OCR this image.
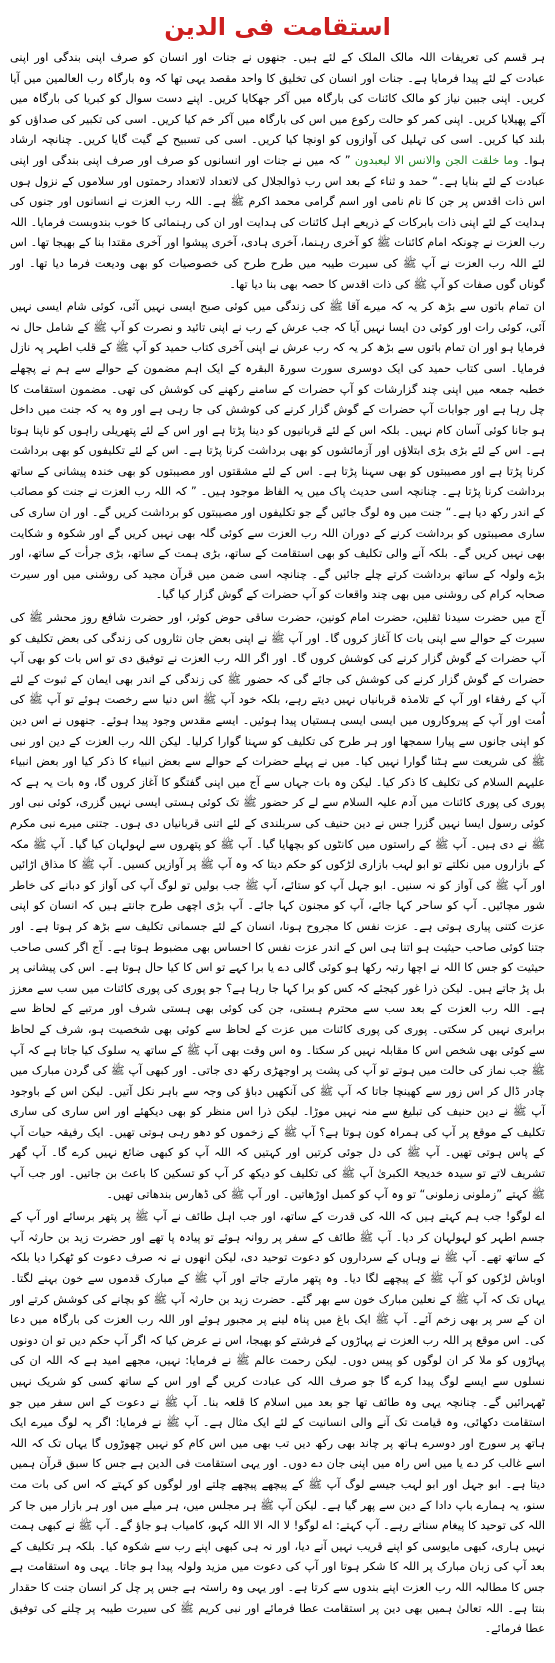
استقامت فی الدین

ہر قسم کی تعریفات اللہ مالک الملک کے لئے ہیں۔ جنھوں نے جنات اور انسان کو صرف اپنی بندگی اور اپنی عبادت کے لئے پیدا فرمایا ہے۔ جنات اور انسان کی تخلیق کا واحد مقصد یہی تھا کہ وہ بارگاہ رب العالمین میں آیا کریں۔ اپنی جبین نیاز کو مالک کائنات کی بارگاہ میں آکر جھکایا کریں۔ اپنے دست سوال کو کبریا کی بارگاہ میں آکے پھیلایا کریں۔ اپنی کمر کو حالت رکوع میں اس کی بارگاہ میں آکر خم کیا کریں۔ اسی کی تکبیر کی صداؤں کو بلند کیا کریں۔ اسی کی تہلیل کی آوازوں کو اونچا کیا کریں۔ اسی کی تسبیح کے گیت گایا کریں۔ چنانچہ ارشاد ہوا۔ وما خلقت الجن والانس الا لیعبدون ” کہ میں نے جنات اور انسانوں کو صرف اور صرف اپنی بندگی اور اپنی عبادت کے لئے بنایا ہے۔“ حمد و ثناء کے بعد اس رب ذوالجلال کی لاتعداد لاتعداد رحمتوں اور سلاموں کے نزول ہوں اس ذات اقدس پر جن کا نام نامی اور اسم گرامی محمد اکرم ﷺ ہے۔ اللہ رب العزت نے انسانوں اور جنوں کی ہدایت کے لئے اپنی ذات بابرکات کے ذریعے اہل کائنات کی ہدایت اور ان کی رہنمائی کا خوب بندوبست فرمایا۔ اللہ رب العزت نے چونکہ امام کائنات ﷺ کو آخری رہنما، آخری ہادی، آخری پیشوا اور آخری مقتدا بنا کے بھیجا تھا۔ اس لئے اللہ رب العزت نے آپ ﷺ کی سیرت طیبہ میں طرح طرح کی خصوصیات کو بھی ودیعت فرما دیا تھا۔ اور گوناں گوں صفات کو آپ ﷺ کی ذات اقدس کا حصہ بھی بنا دیا تھا۔

ان تمام باتوں سے بڑھ کر یہ کہ میرے آقا ﷺ کی زندگی میں کوئی صبح ایسی نہیں آئی، کوئی شام ایسی نہیں آئی، کوئی رات اور کوئی دن ایسا نہیں آیا کہ جب عرش کے رب نے اپنی تائید و نصرت کو آپ ﷺ کے شامل حال نہ فرمایا ہو اور ان تمام باتوں سے بڑھ کر یہ کہ رب عرش نے اپنی آخری کتاب حمید کو آپ ﷺ کے قلب اطہر پہ نازل فرمایا۔ اسی کتاب حمید کی ایک دوسری سورت سورۃ البقرہ کے ایک اہم مضمون کے حوالے سے ہم نے پچھلے خطبہ جمعہ میں اپنی چند گزارشات کو آپ حضرات کے سامنے رکھنے کی کوشش کی تھی۔ مضمون استقامت کا چل رہا ہے اور جوابات آپ حضرات کے گوش گزار کرنے کی کوشش کی جا رہی ہے اور وہ یہ کہ جنت میں داخل ہو جانا کوئی آسان کام نہیں۔ بلکہ اس کے لئے قربانیوں کو دینا پڑتا ہے اور اس کے لئے پتھریلی راہوں کو ناپنا ہوتا ہے۔ اس کے لئے بڑی بڑی ابتلاؤں اور آزمائشوں کو بھی برداشت کرنا پڑتا ہے۔ اس کے لئے تکلیفوں کو بھی برداشت کرنا پڑتا ہے اور مصیبتوں کو بھی سہنا پڑتا ہے۔ اس کے لئے مشقتوں اور مصیبتوں کو بھی خندہ پیشانی کے ساتھ برداشت کرنا پڑتا ہے۔ چنانچہ اسی حدیث پاک میں یہ الفاظ موجود ہیں۔ ” کہ اللہ رب العزت نے جنت کو مصائب کے اندر رکھ دیا ہے۔“ جنت میں وہ لوگ جائیں گے جو تکلیفوں اور مصیبتوں کو برداشت کریں گے۔ اور ان ساری کی ساری مصیبتوں کو برداشت کرنے کے دوران اللہ رب العزت سے کوئی گلہ بھی نہیں کریں گے اور شکوہ و شکایت بھی نہیں کریں گے۔ بلکہ آنے والی تکلیف کو بھی استقامت کے ساتھ، بڑی ہمت کے ساتھ، بڑی جرأت کے ساتھ، اور بڑے ولولہ کے ساتھ برداشت کرتے چلے جائیں گے۔ چنانچہ اسی ضمن میں قرآن مجید کی روشنی میں اور سیرت صحابہ کرام کی روشنی میں بھی چند واقعات کو آپ حضرات کے گوش گزار کیا گیا۔

آج میں حضرت سیدنا ثقلین، حضرت امام کونین، حضرت ساقی حوض کوثر، اور حضرت شافع روز محشر ﷺ کی سیرت کے حوالے سے اپنی بات کا آغاز کروں گا۔ اور آپ ﷺ نے اپنی بعض جان نثاروں کی زندگی کی بعض تکلیف کو آپ حضرات کے گوش گزار کرنے کی کوشش کروں گا۔ اور اگر اللہ رب العزت نے توفیق دی تو اس بات کو بھی آپ حضرات کے گوش گزار کرنے کی کوشش کی جائے گی کہ حضور ﷺ کی زندگی کے اندر بھی ایمان کے ثبوت کے لئے آپ کے رفقاء اور آپ کے تلامذہ قربانیاں نہیں دیتے رہے، بلکہ خود آپ ﷺ اس دنیا سے رخصت ہوئے تو آپ ﷺ کی اُمت اور آپ کے پیروکاروں میں ایسی ایسی ہستیاں پیدا ہوئیں۔ ایسے مقدس وجود پیدا ہوئے۔ جنھوں نے اس دین کو اپنی جانوں سے پیارا سمجھا اور ہر طرح کی تکلیف کو سہنا گوارا کرلیا۔ لیکن اللہ رب العزت کے دین اور نبی ﷺ کی شریعت سے ہٹنا گوارا نہیں کیا۔ میں نے پہلے حضرات کے حوالے سے بعض انبیاء کا ذکر کیا اور بعض انبیاء علیہم السلام کی تکلیف کا ذکر کیا۔ لیکن وہ بات جہاں سے آج میں اپنی گفتگو کا آغاز کروں گا، وہ بات یہ ہے کہ پوری کی پوری کائنات میں آدم علیہ السلام سے لے کر حضور ﷺ تک کوئی ہستی ایسی نہیں گزری، کوئی نبی اور کوئی رسول ایسا نہیں گزرا جس نے دین حنیف کی سربلندی کے لئے اتنی قربانیاں دی ہوں۔ جتنی میرے نبی مکرم ﷺ نے دی ہیں۔ آپ ﷺ کے راستوں میں کانٹوں کو بچھایا گیا۔ آپ ﷺ کو پتھروں سے لہولہان کیا گیا۔ آپ ﷺ مکہ کے بازاروں میں نکلتے تو ابو لہب بازاری لڑکوں کو حکم دیتا کہ وہ آپ ﷺ پر آوازیں کسیں۔ آپ ﷺ کا مذاق اڑائیں اور آپ ﷺ کی آواز کو نہ سنیں۔ ابو جہل آپ کو ستائے، آپ ﷺ جب بولیں تو لوگ آپ کی آواز کو دبانے کی خاطر شور مچائیں۔ آپ کو ساحر کہا جائے، آپ کو مجنون کہا جائے۔ آپ بڑی اچھی طرح جانتے ہیں کہ انسان کو اپنی عزت کتنی پیاری ہوتی ہے۔ عزت نفس کا مجروح ہونا، انسان کے لئے جسمانی تکلیف سے بڑھ کر ہوتا ہے۔ اور جتنا کوئی صاحب حیثیت ہو اتنا ہی اس کے اندر عزت نفس کا احساس بھی مضبوط ہوتا ہے۔ آج اگر کسی صاحب حیثیت کو جس کا اللہ نے اچھا رتبہ رکھا ہو کوئی گالی دے یا برا کہے تو اس کا کیا حال ہوتا ہے۔ اس کی پیشانی پر بل پڑ جاتے ہیں۔ لیکن ذرا غور کیجئے کہ کس کو برا کہا جا رہا ہے؟ جو پوری کی پوری کائنات میں سب سے معزز ہے۔ اللہ رب العزت کے بعد سب سے محترم ہستی، جن کی کوئی بھی ہستی شرف اور مرتبے کے لحاظ سے برابری نہیں کر سکتی۔ پوری کی پوری کائنات میں عزت کے لحاظ سے کوئی بھی شخصیت ہو، شرف کے لحاظ سے کوئی بھی شخص اس کا مقابلہ نہیں کر سکتا۔ وہ اس وقت بھی آپ ﷺ کے ساتھ یہ سلوک کیا جاتا ہے کہ آپ ﷺ جب نماز کی حالت میں ہوتے تو آپ کی پشت پر اوجھڑی رکھ دی جاتی۔ اور کبھی آپ ﷺ کی گردن مبارک میں چادر ڈال کر اس زور سے کھینچا جاتا کہ آپ ﷺ کی آنکھیں دباؤ کی وجہ سے باہر نکل آتیں۔ لیکن اس کے باوجود آپ ﷺ نے دین حنیف کی تبلیغ سے منہ نہیں موڑا۔ لیکن ذرا اس منظر کو بھی دیکھئے اور اس ساری کی ساری تکلیف کے موقع پر آپ کی ہمراہ کون ہوتا ہے؟ آپ ﷺ کے زخموں کو دھو رہی ہوتی تھیں۔ ایک رفیقہ حیات آپ کے پاس ہوتی تھیں۔ آپ ﷺ کی دل جوئی کرتیں اور کہتیں کہ اللہ آپ کو کبھی ضائع نہیں کرے گا۔ آپ گھر تشریف لاتے تو سیدہ خدیجۃ الکبریٰ آپ ﷺ کی تکلیف کو دیکھ کر آپ کو تسکین کا باعث بن جاتیں۔ اور جب آپ ﷺ کہتے ”زملونی زملونی“ تو وہ آپ کو کمبل اوڑھاتیں۔ اور آپ ﷺ کی ڈھارس بندھاتی تھیں۔

اے لوگو! جب ہم کہتے ہیں کہ اللہ کی قدرت کے ساتھ، اور جب اہل طائف نے آپ ﷺ پر پتھر برسائے اور آپ کے جسم اطہر کو لہولہان کر دیا۔ آپ ﷺ طائف کے سفر پر روانہ ہوئے تو پیادہ پا تھے اور حضرت زید بن حارثہ آپ کے ساتھ تھے۔ آپ ﷺ نے وہاں کے سرداروں کو دعوت توحید دی، لیکن انھوں نے نہ صرف دعوت کو ٹھکرا دیا بلکہ اوباش لڑکوں کو آپ ﷺ کے پیچھے لگا دیا۔ وہ پتھر مارتے جاتے اور آپ ﷺ کے مبارک قدموں سے خون بہنے لگتا۔ یہاں تک کہ آپ ﷺ کے نعلین مبارک خون سے بھر گئے۔ حضرت زید بن حارثہ آپ ﷺ کو بچانے کی کوشش کرتے اور ان کے سر پر بھی زخم آئے۔ آپ ﷺ ایک باغ میں پناہ لینے پر مجبور ہوئے اور اللہ رب العزت کی بارگاہ میں دعا کی۔ اس موقع پر اللہ رب العزت نے پہاڑوں کے فرشتے کو بھیجا، اس نے عرض کیا کہ اگر آپ حکم دیں تو ان دونوں پہاڑوں کو ملا کر ان لوگوں کو پیس دوں۔ لیکن رحمت عالم ﷺ نے فرمایا: نہیں، مجھے امید ہے کہ اللہ ان کی نسلوں سے ایسے لوگ پیدا کرے گا جو صرف اللہ کی عبادت کریں گے اور اس کے ساتھ کسی کو شریک نہیں ٹھہرائیں گے۔ چنانچہ یہی وہ طائف تھا جو بعد میں اسلام کا قلعہ بنا۔ آپ ﷺ نے دعوت کے اس سفر میں جو استقامت دکھائی، وہ قیامت تک آنے والی انسانیت کے لئے ایک مثال ہے۔ آپ ﷺ نے فرمایا: اگر یہ لوگ میرے ایک ہاتھ پر سورج اور دوسرے ہاتھ پر چاند بھی رکھ دیں تب بھی میں اس کام کو نہیں چھوڑوں گا یہاں تک کہ اللہ اسے غالب کر دے یا میں اس راہ میں اپنی جان دے دوں۔ اور یہی استقامت فی الدین ہے جس کا سبق قرآن ہمیں دیتا ہے۔ ابو جہل اور ابو لہب جیسے لوگ آپ ﷺ کے پیچھے پیچھے چلتے اور لوگوں کو کہتے کہ اس کی بات مت سنو، یہ ہمارے باپ دادا کے دین سے پھر گیا ہے۔ لیکن آپ ﷺ ہر مجلس میں، ہر میلے میں اور ہر بازار میں جا کر اللہ کی توحید کا پیغام سناتے رہے۔ آپ کہتے: اے لوگو! لا الہ الا اللہ کہو، کامیاب ہو جاؤ گے۔ آپ ﷺ نے کبھی ہمت نہیں ہاری، کبھی مایوسی کو اپنے قریب نہیں آنے دیا، اور نہ ہی کبھی اپنے رب سے شکوہ کیا۔ بلکہ ہر تکلیف کے بعد آپ کی زبان مبارک پر اللہ کا شکر ہوتا اور آپ کی دعوت میں مزید ولولہ پیدا ہو جاتا۔ یہی وہ استقامت ہے جس کا مطالبہ اللہ رب العزت اپنے بندوں سے کرتا ہے۔ اور یہی وہ راستہ ہے جس پر چل کر انسان جنت کا حقدار بنتا ہے۔ اللہ تعالیٰ ہمیں بھی دین پر استقامت عطا فرمائے اور نبی کریم ﷺ کی سیرت طیبہ پر چلنے کی توفیق عطا فرمائے۔
